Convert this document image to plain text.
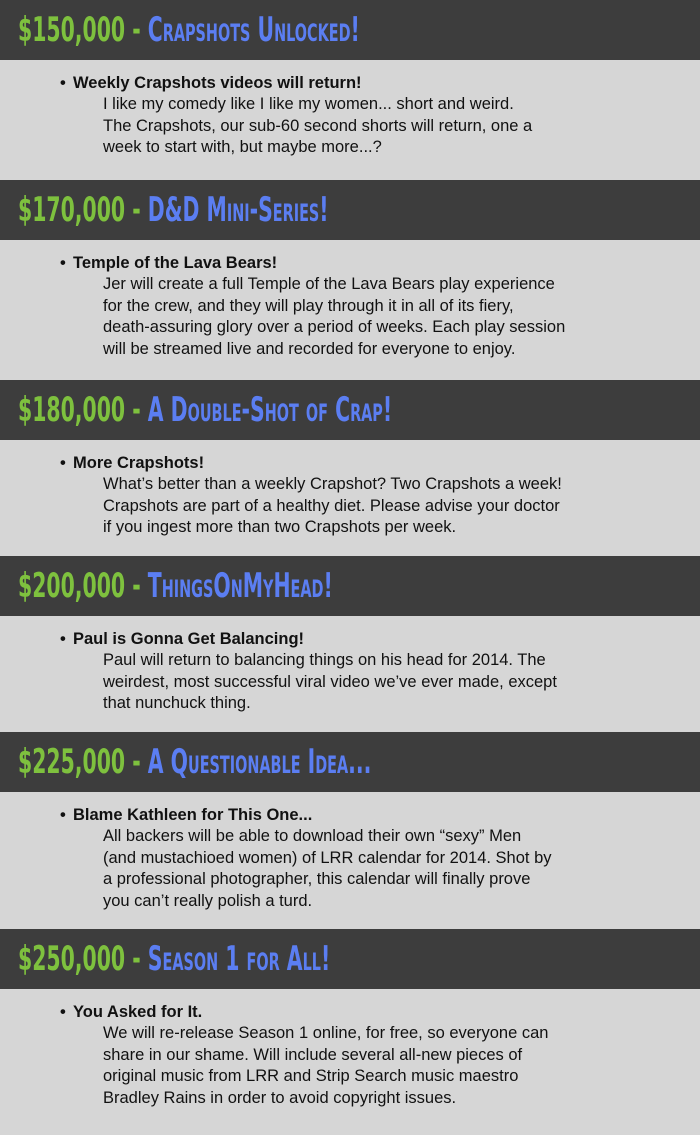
$150,000 - Crapshots Unlocked!
• Weekly Crapshots videos will return!
I like my comedy like I like my women... short and weird.
The Crapshots, our sub-60 second shorts will return, one a
week to start with, but maybe more...?
$170,000 - D&D Mini-Series!
• Temple of the Lava Bears!
Jer will create a full Temple of the Lava Bears play experience
for the crew, and they will play through it in all of its fiery,
death-assuring glory over a period of weeks. Each play session
will be streamed live and recorded for everyone to enjoy.
$180,000 - A Double-Shot of Crap!
• More Crapshots!
What’s better than a weekly Crapshot? Two Crapshots a week!
Crapshots are part of a healthy diet. Please advise your doctor
if you ingest more than two Crapshots per week.
$200,000 - ThingsOnMyHead!
• Paul is Gonna Get Balancing!
Paul will return to balancing things on his head for 2014. The
weirdest, most successful viral video we’ve ever made, except
that nunchuck thing.
$225,000 - A Questionable Idea...
• Blame Kathleen for This One...
All backers will be able to download their own “sexy” Men
(and mustachioed women) of LRR calendar for 2014. Shot by
a professional photographer, this calendar will finally prove
you can’t really polish a turd.
$250,000 - Season 1 for All!
• You Asked for It.
We will re-release Season 1 online, for free, so everyone can
share in our shame. Will include several all-new pieces of
original music from LRR and Strip Search music maestro
Bradley Rains in order to avoid copyright issues.
